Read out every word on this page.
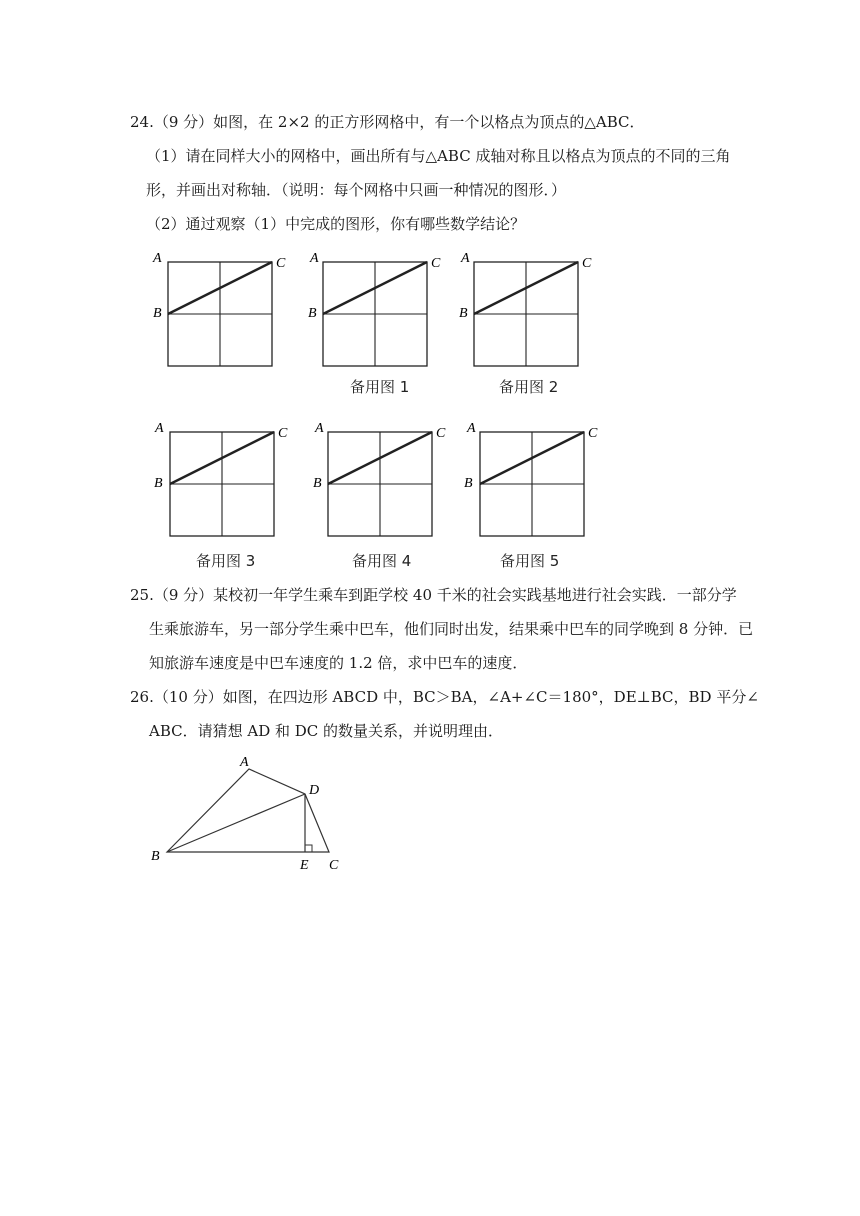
24.（9 分）如图，在 2×2 的正方形网格中，有一个以格点为顶点的△ABC．
（1）请在同样大小的网格中，画出所有与△ABC 成轴对称且以格点为顶点的不同的三角
形，并画出对称轴．（说明：每个网格中只画一种情况的图形．）
（2）通过观察（1）中完成的图形，你有哪些数学结论？
A
B
C A
B
C
备用图 1
A
B
C
备用图 2
A
B
C
备用图 3
A
B
C
备用图 4
A
B
C
备用图 5
25.（9 分）某校初一年学生乘车到距学校 40 千米的社会实践基地进行社会实践．一部分学
生乘旅游车，另一部分学生乘中巴车，他们同时出发，结果乘中巴车的同学晚到 8 分钟．已
知旅游车速度是中巴车速度的 1.2 倍，求中巴车的速度．
26.（10 分）如图，在四边形 ABCD 中，BC＞BA，∠A+∠C＝180°，DE⊥BC，BD 平分∠
ABC．请猜想 AD 和 DC 的数量关系，并说明理由．
A
B
C
D
E
